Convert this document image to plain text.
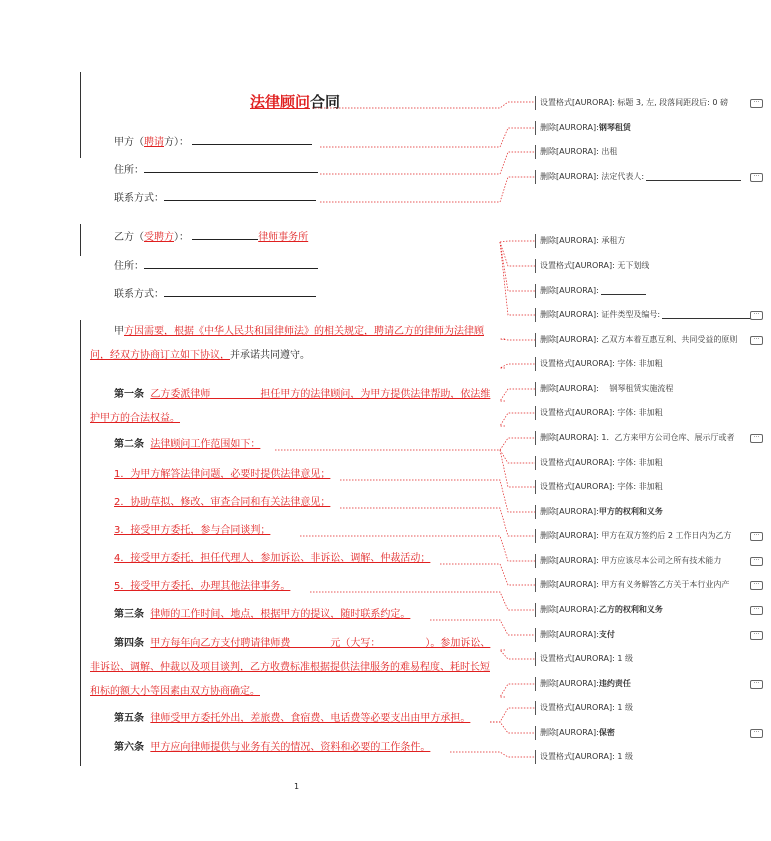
法律顾问合同
甲方（聘请方）：
住所：
联系方式：
乙方（受聘方）：	律师事务所
住所：
联系方式：
甲方因需要，根据《中华人民共和国律师法》的相关规定，聘请乙方的律师为法律顾
问，经双方协商订立如下协议，并承诺共同遵守。
第一条 乙方委派律师　　　　　担任甲方的法律顾问，为甲方提供法律帮助，依法维
护甲方的合法权益。
第二条 法律顾问工作范围如下：
1．为甲方解答法律问题，必要时提供法律意见；
2．协助草拟、修改、审查合同和有关法律意见；
3．接受甲方委托，参与合同谈判；
4．接受甲方委托，担任代理人，参加诉讼、非诉讼、调解、仲裁活动；
5．接受甲方委托，办理其他法律事务。
第三条 律师的工作时间、地点，根据甲方的提议，随时联系约定。
第四条 甲方每年向乙方支付聘请律师费　　　　元（大写：　　　　　）。参加诉讼、
非诉讼、调解、仲裁以及项目谈判，乙方收费标准根据提供法律服务的难易程度、耗时长短
和标的额大小等因素由双方协商确定。
第五条 律师受甲方委托外出，差旅费、食宿费、电话费等必要支出由甲方承担。
第六条 甲方应向律师提供与业务有关的情况、资料和必要的工作条件。
设置格式[AURORA]: 标题 3, 左, 段落间距段后: 0 磅	···
删除[AURORA]: 钢琴租赁
删除[AURORA]: 出租
删除[AURORA]: 法定代表人:	···
删除[AURORA]: 承租方
设置格式[AURORA]: 无下划线
删除[AURORA]:
删除[AURORA]: 证件类型及编号:	···
删除[AURORA]: 乙双方本着互惠互利、共同受益的原则	···
设置格式[AURORA]: 字体: 非加粗
删除[AURORA]: 　钢琴租赁实施流程
设置格式[AURORA]: 字体: 非加粗
删除[AURORA]: 1．乙方来甲方公司仓库、展示厅或者	···
设置格式[AURORA]: 字体: 非加粗
设置格式[AURORA]: 字体: 非加粗
删除[AURORA]: 甲方的权利和义务
删除[AURORA]: 甲方在双方签约后 2 工作日内为乙方	···
删除[AURORA]: 甲方应该尽本公司之所有技术能力	···
删除[AURORA]: 甲方有义务解答乙方关于本行业内产	···
删除[AURORA]: 乙方的权利和义务	···
删除[AURORA]: 支付	···
设置格式[AURORA]: 1 级
删除[AURORA]: 违约责任	···
设置格式[AURORA]: 1 级
删除[AURORA]: 保密	···
设置格式[AURORA]: 1 级
1
